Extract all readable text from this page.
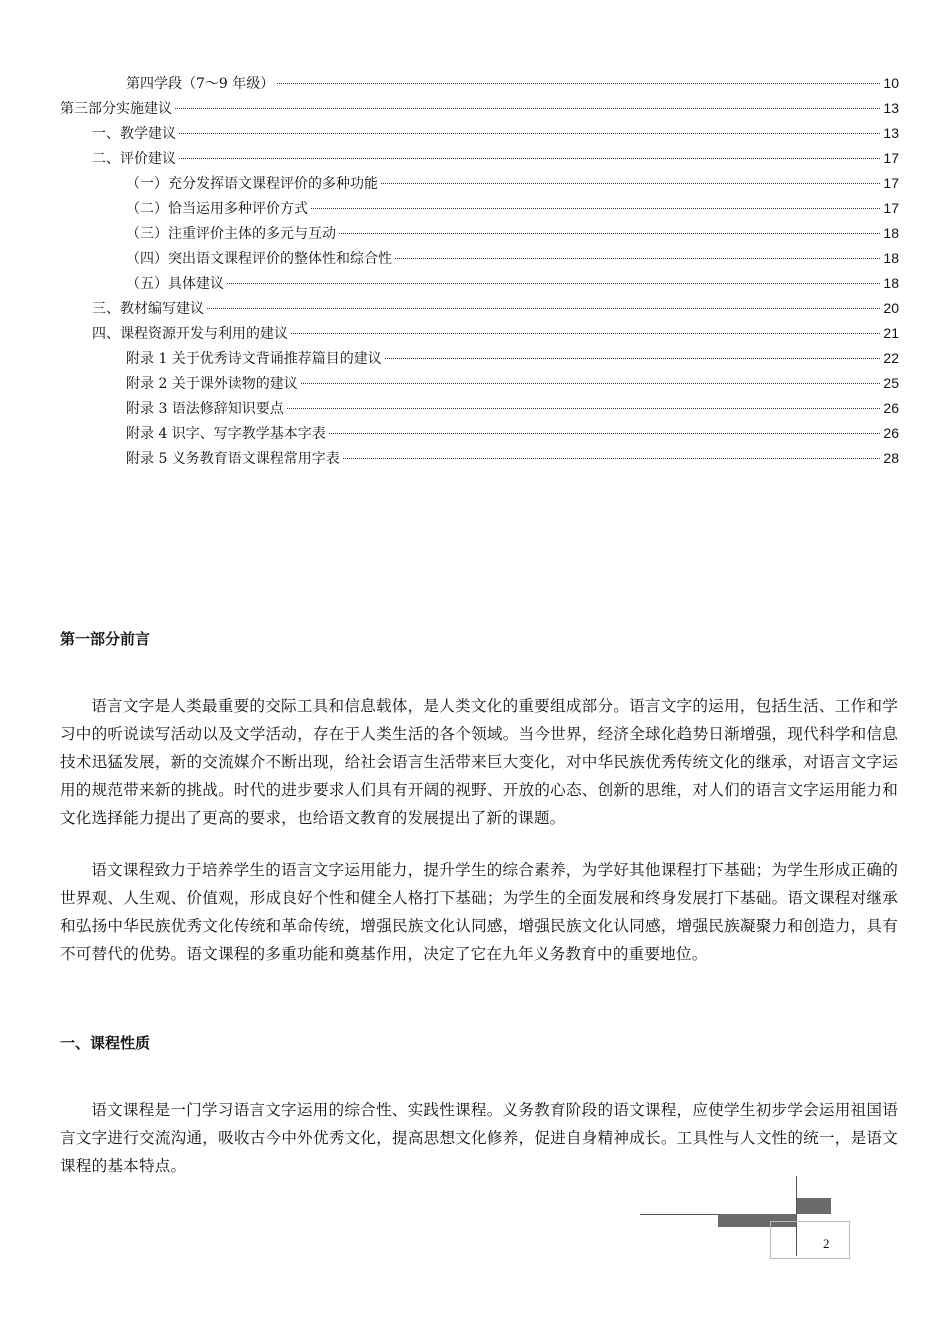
第四学段（7～9 年级）	10
第三部分实施建议	13
一、教学建议	13
二、评价建议	17
（一）充分发挥语文课程评价的多种功能	17
（二）恰当运用多种评价方式	17
（三）注重评价主体的多元与互动	18
（四）突出语文课程评价的整体性和综合性	18
（五）具体建议	18
三、教材编写建议	20
四、课程资源开发与利用的建议	21
附录 1 关于优秀诗文背诵推荐篇目的建议	22
附录 2 关于课外读物的建议	25
附录 3 语法修辞知识要点	26
附录 4 识字、写字教学基本字表	26
附录 5 义务教育语文课程常用字表	28
第一部分前言

语言文字是人类最重要的交际工具和信息载体，是人类文化的重要组成部分。语言文字的运用，包括生活、工作和学习中的听说读写活动以及文学活动，存在于人类生活的各个领域。当今世界，经济全球化趋势日渐增强，现代科学和信息技术迅猛发展，新的交流媒介不断出现，给社会语言生活带来巨大变化，对中华民族优秀传统文化的继承，对语言文字运用的规范带来新的挑战。时代的进步要求人们具有开阔的视野、开放的心态、创新的思维，对人们的语言文字运用能力和文化选择能力提出了更高的要求，也给语文教育的发展提出了新的课题。

语文课程致力于培养学生的语言文字运用能力，提升学生的综合素养，为学好其他课程打下基础；为学生形成正确的世界观、人生观、价值观，形成良好个性和健全人格打下基础；为学生的全面发展和终身发展打下基础。语文课程对继承和弘扬中华民族优秀文化传统和革命传统，增强民族文化认同感，增强民族文化认同感，增强民族凝聚力和创造力，具有不可替代的优势。语文课程的多重功能和奠基作用，决定了它在九年义务教育中的重要地位。

一、课程性质

语文课程是一门学习语言文字运用的综合性、实践性课程。义务教育阶段的语文课程，应使学生初步学会运用祖国语言文字进行交流沟通，吸收古今中外优秀文化，提高思想文化修养，促进自身精神成长。工具性与人文性的统一，是语文课程的基本特点。

2
